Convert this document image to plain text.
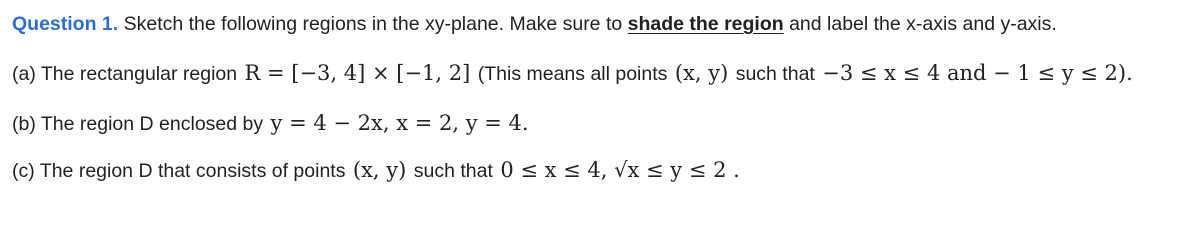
Question 1. Sketch the following regions in the xy-plane. Make sure to shade the region and label the x-axis and y-axis.
(a) The rectangular region R = [−3, 4] × [−1, 2] (This means all points (x, y) such that −3 ≤ x ≤ 4 and − 1 ≤ y ≤ 2).
(b) The region D enclosed by y = 4 − 2x, x = 2, y = 4.
(c) The region D that consists of points (x, y) such that 0 ≤ x ≤ 4, √x ≤ y ≤ 2 .
